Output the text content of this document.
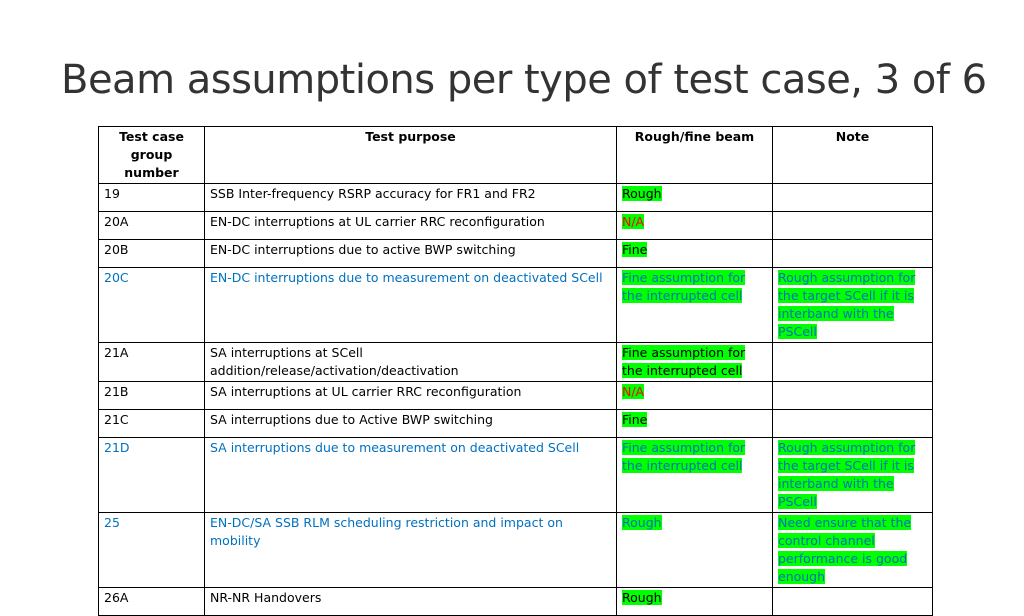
Beam assumptions per type of test case, 3 of 6
Test case group number	Test purpose	Rough/fine beam	Note
19	SSB Inter-frequency RSRP accuracy for FR1 and FR2	Rough	
20A	EN-DC interruptions at UL carrier RRC reconfiguration	N/A	
20B	EN-DC interruptions due to active BWP switching	Fine	
20C	EN-DC interruptions due to measurement on deactivated SCell	Fine assumption for the interrupted cell	Rough assumption for the target SCell if it is interband with the PSCell
21A	SA interruptions at SCell addition/release/activation/deactivation	Fine assumption for the interrupted cell	
21B	SA interruptions at UL carrier RRC reconfiguration	N/A	
21C	SA interruptions due to Active BWP switching	Fine	
21D	SA interruptions due to measurement on deactivated SCell	Fine assumption for the interrupted cell	Rough assumption for the target SCell if it is interband with the PSCell
25	EN-DC/SA SSB RLM scheduling restriction and impact on mobility	Rough	Need ensure that the control channel performance is good enough
26A	NR-NR Handovers	Rough	
